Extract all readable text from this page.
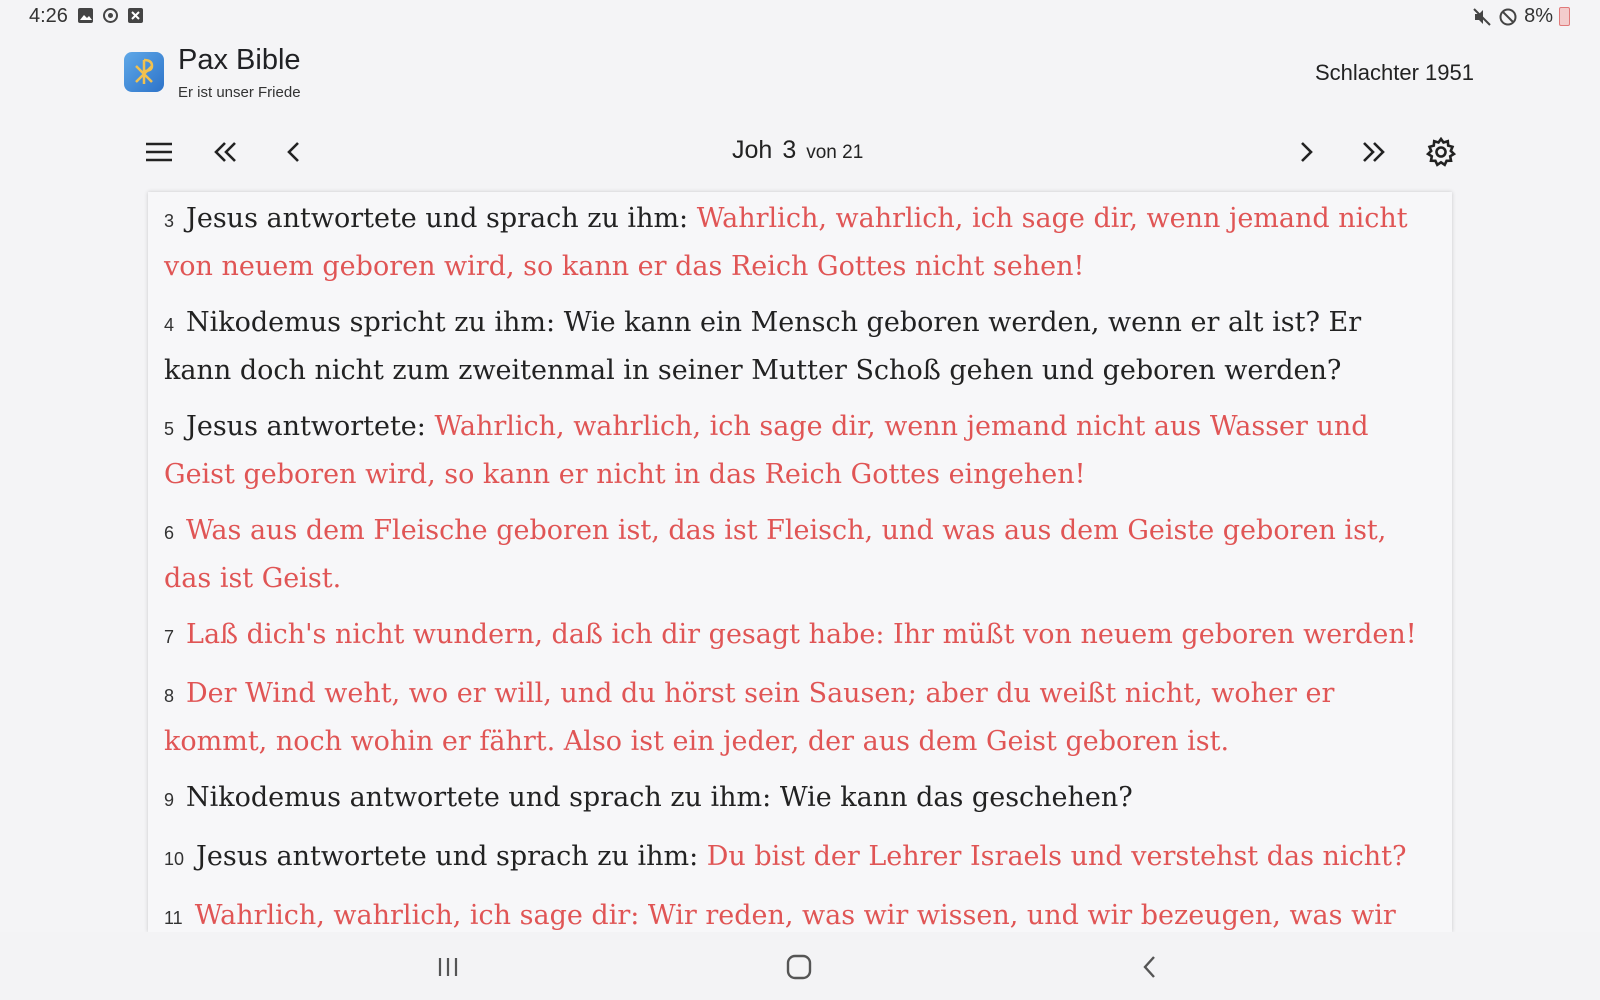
4:26	8%
Pax Bible
Er ist unser Friede
Schlachter 1951
Joh 3 von 21
3 Jesus antwortete und sprach zu ihm: Wahrlich, wahrlich, ich sage dir, wenn jemand nicht von neuem geboren wird, so kann er das Reich Gottes nicht sehen!
4 Nikodemus spricht zu ihm: Wie kann ein Mensch geboren werden, wenn er alt ist? Er kann doch nicht zum zweitenmal in seiner Mutter Schoß gehen und geboren werden?
5 Jesus antwortete: Wahrlich, wahrlich, ich sage dir, wenn jemand nicht aus Wasser und Geist geboren wird, so kann er nicht in das Reich Gottes eingehen!
6 Was aus dem Fleische geboren ist, das ist Fleisch, und was aus dem Geiste geboren ist, das ist Geist.
7 Laß dich's nicht wundern, daß ich dir gesagt habe: Ihr müßt von neuem geboren werden!
8 Der Wind weht, wo er will, und du hörst sein Sausen; aber du weißt nicht, woher er kommt, noch wohin er fährt. Also ist ein jeder, der aus dem Geist geboren ist.
9 Nikodemus antwortete und sprach zu ihm: Wie kann das geschehen?
10 Jesus antwortete und sprach zu ihm: Du bist der Lehrer Israels und verstehst das nicht?
11 Wahrlich, wahrlich, ich sage dir: Wir reden, was wir wissen, und wir bezeugen, was wir
